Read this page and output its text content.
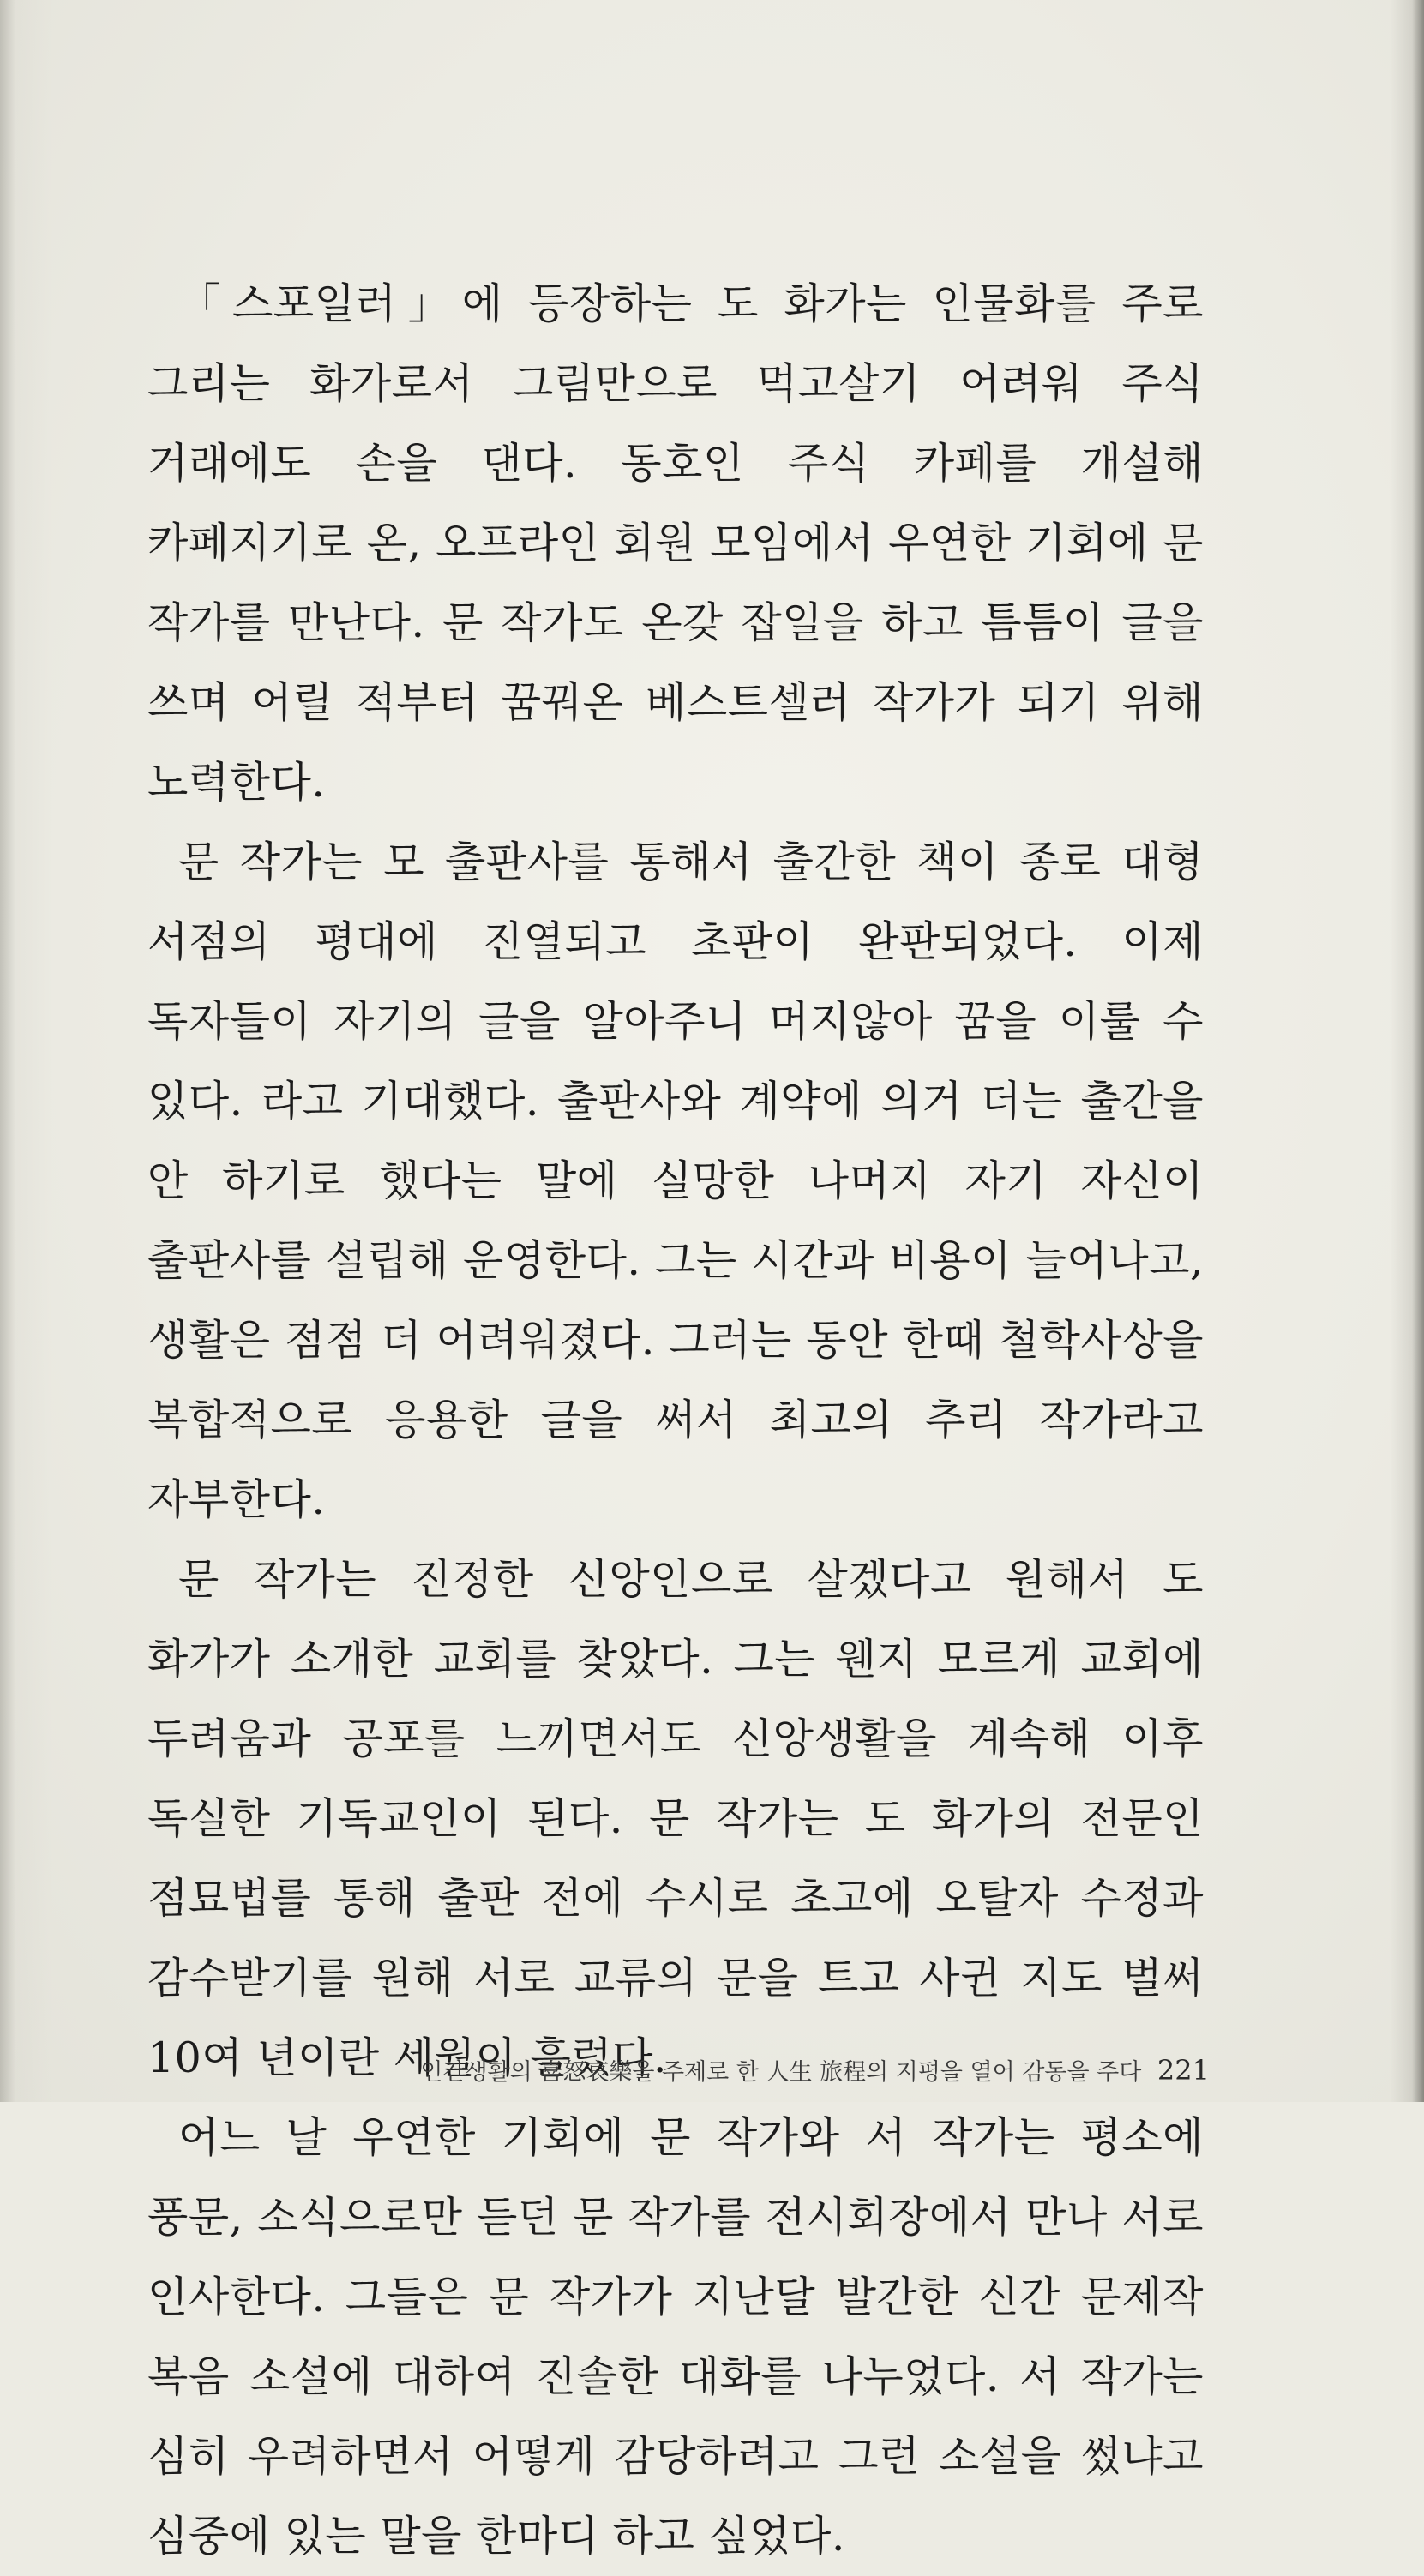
「스포일러」에 등장하는 도 화가는 인물화를 주로 그리는 화가로서 그림만으로 먹고살기 어려워 주식 거래에도 손을 댄다. 동호인 주식 카페를 개설해 카페지기로 온, 오프라인 회원 모임에서 우연한 기회에 문 작가를 만난다. 문 작가도 온갖 잡일을 하고 틈틈이 글을 쓰며 어릴 적부터 꿈꿔온 베스트셀러 작가가 되기 위해 노력한다.

문 작가는 모 출판사를 통해서 출간한 책이 종로 대형 서점의 평대에 진열되고 초판이 완판되었다. 이제 독자들이 자기의 글을 알아주니 머지않아 꿈을 이룰 수 있다. 라고 기대했다. 출판사와 계약에 의거 더는 출간을 안 하기로 했다는 말에 실망한 나머지 자기 자신이 출판사를 설립해 운영한다. 그는 시간과 비용이 늘어나고, 생활은 점점 더 어려워졌다. 그러는 동안 한때 철학사상을 복합적으로 응용한 글을 써서 최고의 추리 작가라고 자부한다.

문 작가는 진정한 신앙인으로 살겠다고 원해서 도 화가가 소개한 교회를 찾았다. 그는 웬지 모르게 교회에 두려움과 공포를 느끼면서도 신앙생활을 계속해 이후 독실한 기독교인이 된다. 문 작가는 도 화가의 전문인 점묘법를 통해 출판 전에 수시로 초고에 오탈자 수정과 감수받기를 원해 서로 교류의 문을 트고 사귄 지도 벌써 10여 년이란 세월이 흘렀다.

어느 날 우연한 기회에 문 작가와 서 작가는 평소에 풍문, 소식으로만 듣던 문 작가를 전시회장에서 만나 서로 인사한다. 그들은 문 작가가 지난달 발간한 신간 문제작 복음 소설에 대하여 진솔한 대화를 나누었다. 서 작가는 심히 우려하면서 어떻게 감당하려고 그런 소설을 썼냐고 심중에 있는 말을 한마디 하고 싶었다.

인간생활의 喜怒哀樂을 주제로 한 人生 旅程의 지평을 열어 감동을 주다 221
